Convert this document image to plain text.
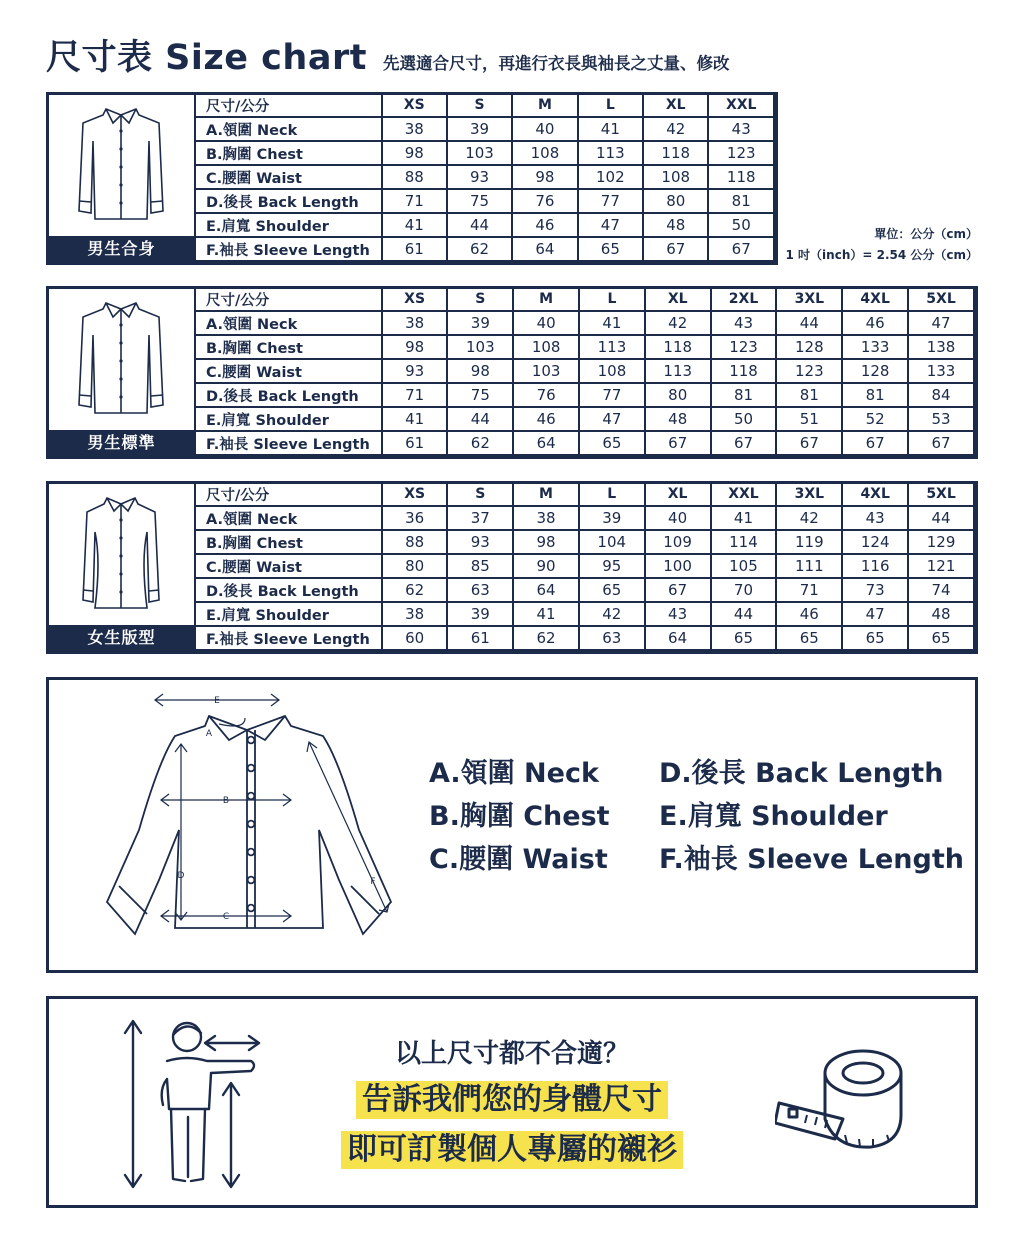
尺寸表 Size chart 先選適合尺寸，再進行衣長與袖長之丈量、修改
男生合身
尺寸/公分	XS	S	M	L	XL	XXL
A.領圍 Neck	38	39	40	41	42	43
B.胸圍 Chest	98	103	108	113	118	123
C.腰圍 Waist	88	93	98	102	108	118
D.後長 Back Length	71	75	76	77	80	81
E.肩寬 Shoulder	41	44	46	47	48	50
F.袖長 Sleeve Length	61	62	64	65	67	67
單位：公分（cm）
1 吋（inch）= 2.54 公分（cm）
男生標準
尺寸/公分	XS	S	M	L	XL	2XL	3XL	4XL	5XL
A.領圍 Neck	38	39	40	41	42	43	44	46	47
B.胸圍 Chest	98	103	108	113	118	123	128	133	138
C.腰圍 Waist	93	98	103	108	113	118	123	128	133
D.後長 Back Length	71	75	76	77	80	81	81	81	84
E.肩寬 Shoulder	41	44	46	47	48	50	51	52	53
F.袖長 Sleeve Length	61	62	64	65	67	67	67	67	67
女生版型
尺寸/公分	XS	S	M	L	XL	XXL	3XL	4XL	5XL
A.領圍 Neck	36	37	38	39	40	41	42	43	44
B.胸圍 Chest	88	93	98	104	109	114	119	124	129
C.腰圍 Waist	80	85	90	95	100	105	111	116	121
D.後長 Back Length	62	63	64	65	67	70	71	73	74
E.肩寬 Shoulder	38	39	41	42	43	44	46	47	48
F.袖長 Sleeve Length	60	61	62	63	64	65	65	65	65
A
B
C
D
E
F
A.領圍 Neck	D.後長 Back Length
B.胸圍 Chest	E.肩寬 Shoulder
C.腰圍 Waist	F.袖長 Sleeve Length
以上尺寸都不合適？
告訴我們您的身體尺寸
即可訂製個人專屬的襯衫
